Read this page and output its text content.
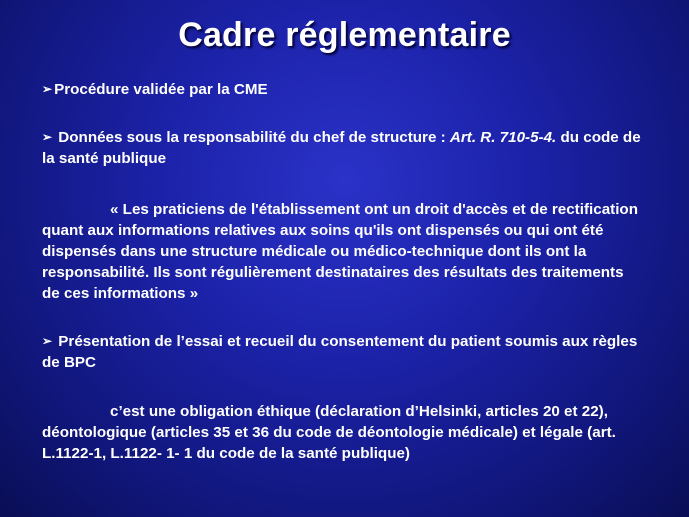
Cadre réglementaire
➢ Procédure validée par la CME
➢ Données sous la responsabilité du chef de structure : Art. R. 710-5-4. du code de la santé publique
« Les praticiens de l'établissement ont un droit d'accès et de rectification quant aux informations relatives aux soins qu'ils ont dispensés ou qui ont été dispensés dans une structure médicale ou médico-technique dont ils ont la responsabilité. Ils sont régulièrement destinataires des résultats des traitements de ces informations »
➢ Présentation de l’essai et recueil du consentement du patient soumis aux règles de BPC
c’est une obligation éthique (déclaration d’Helsinki, articles 20 et 22), déontologique (articles 35 et 36 du code de déontologie médicale) et légale (art. L.1122-1, L.1122- 1- 1 du code de la santé publique)
